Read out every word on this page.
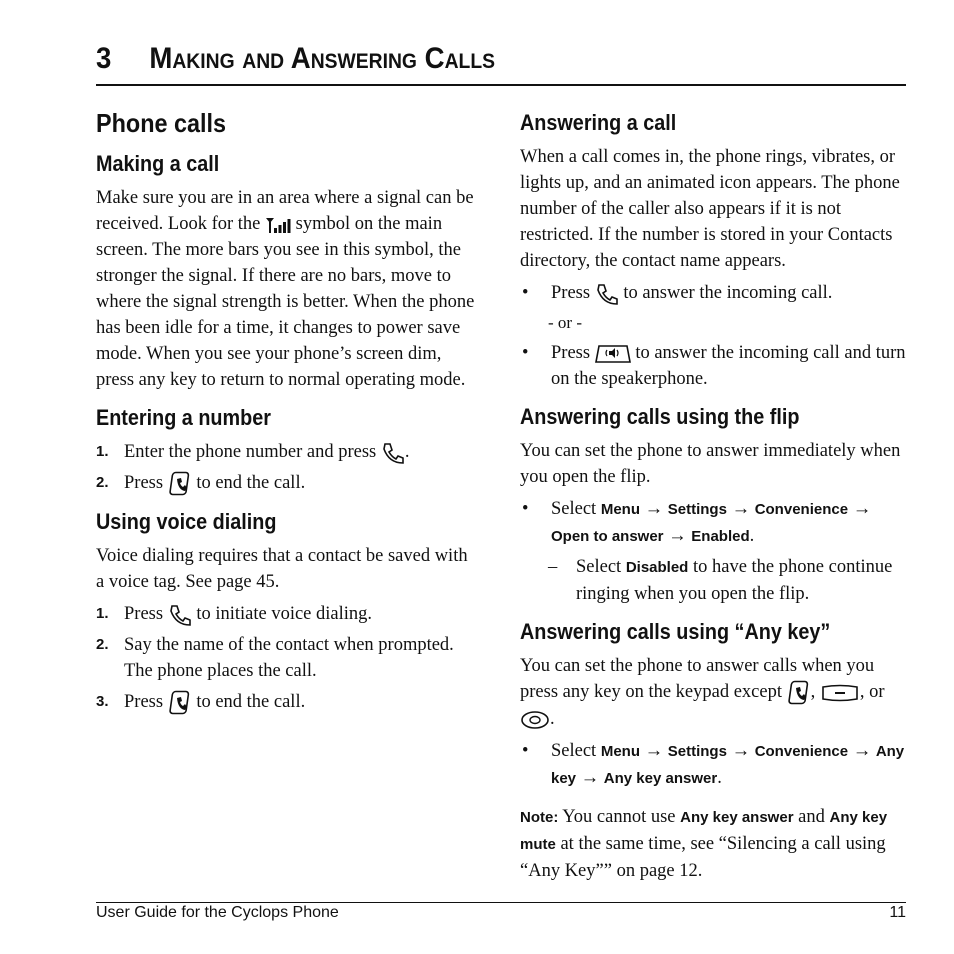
3 Making and Answering Calls
Phone calls
Making a call

Make sure you are in an area where a signal can be received. Look for the symbol on the main screen. The more bars you see in this symbol, the stronger the signal. If there are no bars, move to where the signal strength is better. When the phone has been idle for a time, it changes to power save mode. When you see your phone’s screen dim, press any key to return to normal operating mode.

Entering a number
1. Enter the phone number and press .
2. Press to end the call.
Using voice dialing

Voice dialing requires that a contact be saved with a voice tag. See page 45.

1. Press to initiate voice dialing.
2. Say the name of the contact when prompted. The phone places the call.
3. Press to end the call.
Answering a call

When a call comes in, the phone rings, vibrates, or lights up, and an animated icon appears. The phone number of the caller also appears if it is not restricted. If the number is stored in your Contacts directory, the contact name appears.

• Press to answer the incoming call.

- or -

• Press to answer the incoming call and turn on the speakerphone.
Answering calls using the flip

You can set the phone to answer immediately when you open the flip.

• Select Menu → Settings → Convenience → Open to answer → Enabled.

– Select Disabled to have the phone continue ringing when you open the flip.

Answering calls using “Any key”

You can set the phone to answer calls when you press any key on the keypad except , , or .

• Select Menu → Settings → Convenience → Any key → Any key answer.

Note: You cannot use Any key answer and Any key mute at the same time, see “Silencing a call using “Any Key”” on page 12.

User Guide for the Cyclops Phone	11
